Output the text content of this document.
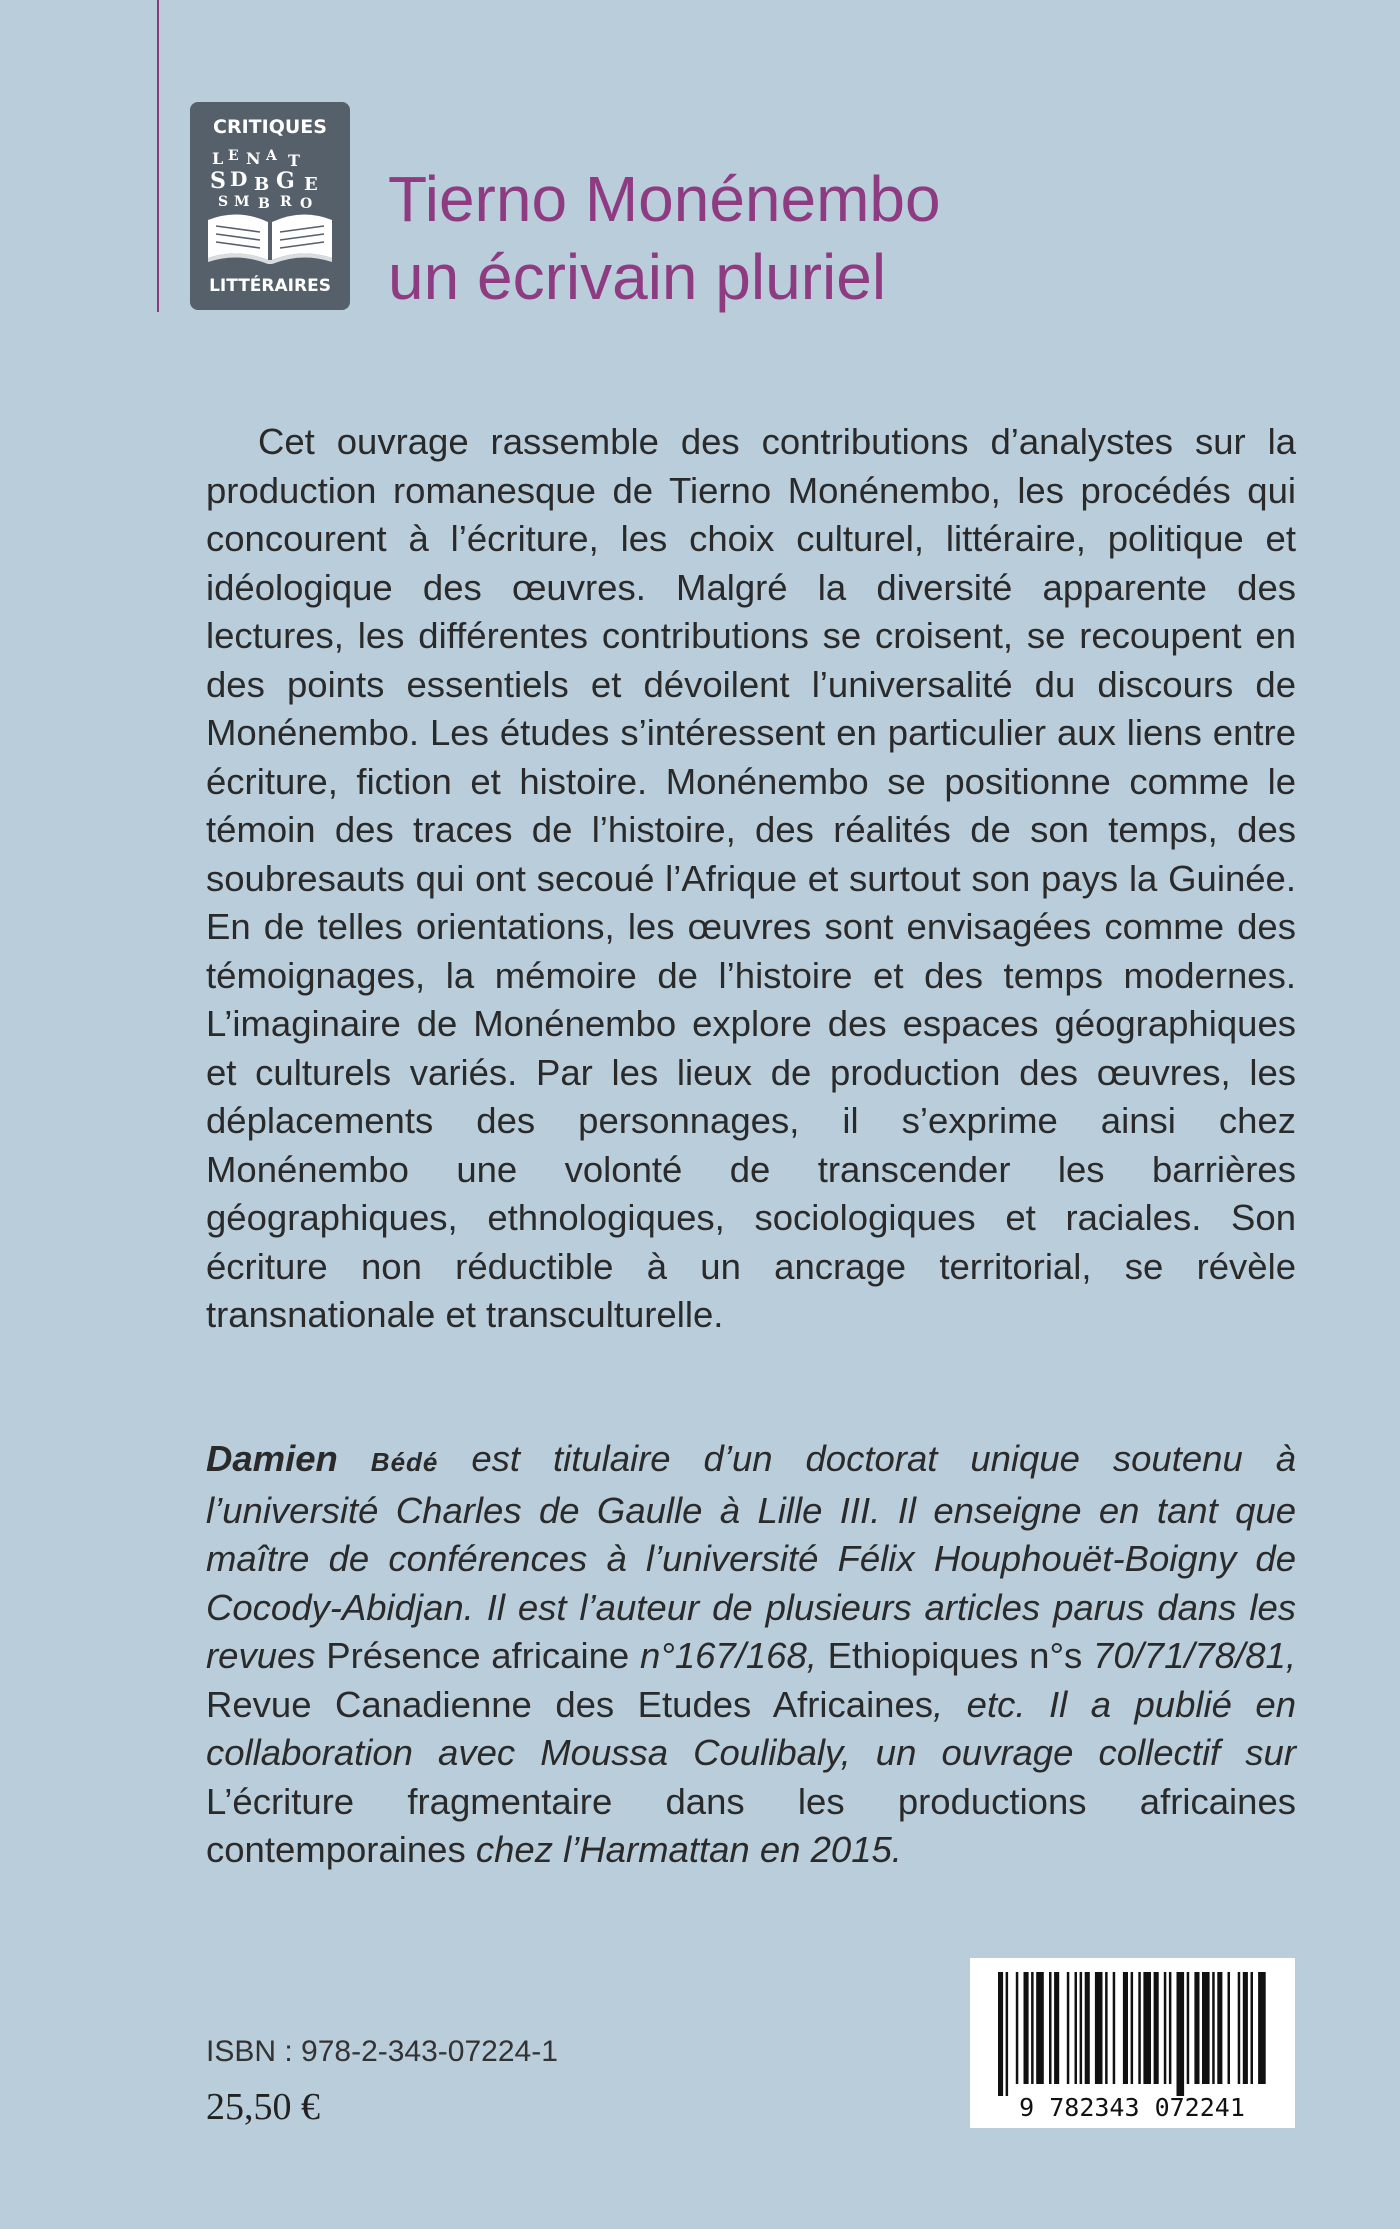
CRITIQUES
L E N A T
S D B G E
S M B R O
LITTÉRAIRES
Tierno Monénembo
un écrivain pluriel

Cet ouvrage rassemble des contributions d’analystes sur la production romanesque de Tierno Monénembo, les procédés qui concourent à l’écriture, les choix culturel, littéraire, politique et idéologique des œuvres. Malgré la diversité apparente des lectures, les différentes contributions se croisent, se recoupent en des points essentiels et dévoilent l’universalité du discours de Monénembo. Les études s’intéressent en particulier aux liens entre écriture, fiction et histoire. Monénembo se positionne comme le témoin des traces de l’histoire, des réalités de son temps, des soubresauts qui ont secoué l’Afrique et surtout son pays la Guinée. En de telles orientations, les œuvres sont envisagées comme des témoignages, la mémoire de l’histoire et des temps modernes. L’imaginaire de Monénembo explore des espaces géographiques et culturels variés. Par les lieux de production des œuvres, les déplacements des personnages, il s’exprime ainsi chez Monénembo une volonté de transcender les barrières géographiques, ethnologiques, sociologiques et raciales. Son écriture non réductible à un ancrage territorial, se révèle transnationale et transculturelle.

Damien Bédé est titulaire d’un doctorat unique soutenu à l’université Charles de Gaulle à Lille III. Il enseigne en tant que maître de conférences à l’université Félix Houphouët-Boigny de Cocody-Abidjan. Il est l’auteur de plusieurs articles parus dans les revues Présence africaine n°167/168, Ethiopiques n°s 70/71/78/81, Revue Canadienne des Etudes Africaines, etc. Il a publié en collaboration avec Moussa Coulibaly, un ouvrage collectif sur L’écriture fragmentaire dans les productions africaines contemporaines chez l’Harmattan en 2015.

ISBN : 978-2-343-07224-1
25,50 €	9 782343 072241
